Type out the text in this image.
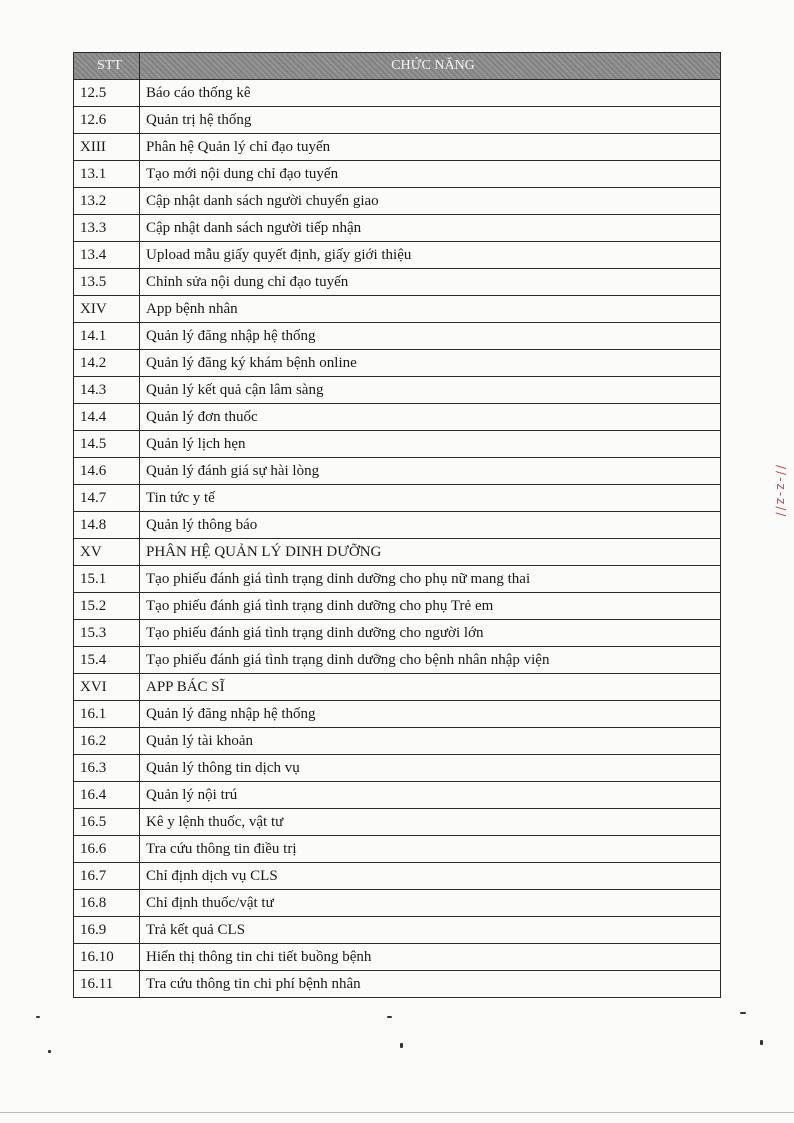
STT	CHỨC NĂNG
12.5	Báo cáo thống kê
12.6	Quản trị hệ thống
XIII	Phân hệ Quản lý chỉ đạo tuyến
13.1	Tạo mới nội dung chỉ đạo tuyến
13.2	Cập nhật danh sách người chuyển giao
13.3	Cập nhật danh sách người tiếp nhận
13.4	Upload mẫu giấy quyết định, giấy giới thiệu
13.5	Chỉnh sửa nội dung chỉ đạo tuyến
XIV	App bệnh nhân
14.1	Quản lý đăng nhập hệ thống
14.2	Quản lý đăng ký khám bệnh online
14.3	Quản lý kết quả cận lâm sàng
14.4	Quản lý đơn thuốc
14.5	Quản lý lịch hẹn
14.6	Quản lý đánh giá sự hài lòng
14.7	Tin tức y tế
14.8	Quản lý thông báo
XV	PHÂN HỆ QUẢN LÝ DINH DƯỠNG
15.1	Tạo phiếu đánh giá tình trạng dinh dưỡng cho phụ nữ mang thai
15.2	Tạo phiếu đánh giá tình trạng dinh dưỡng cho phụ Trẻ em
15.3	Tạo phiếu đánh giá tình trạng dinh dưỡng cho người lớn
15.4	Tạo phiếu đánh giá tình trạng dinh dưỡng cho bệnh nhân nhập viện
XVI	APP BÁC SĨ
16.1	Quản lý đăng nhập hệ thống
16.2	Quản lý tài khoản
16.3	Quản lý thông tin dịch vụ
16.4	Quản lý nội trú
16.5	Kê y lệnh thuốc, vật tư
16.6	Tra cứu thông tin điều trị
16.7	Chỉ định dịch vụ CLS
16.8	Chỉ định thuốc/vật tư
16.9	Trả kết quả CLS
16.10	Hiển thị thông tin chi tiết buồng bệnh
16.11	Tra cứu thông tin chi phí bệnh nhân
//-z-z//
